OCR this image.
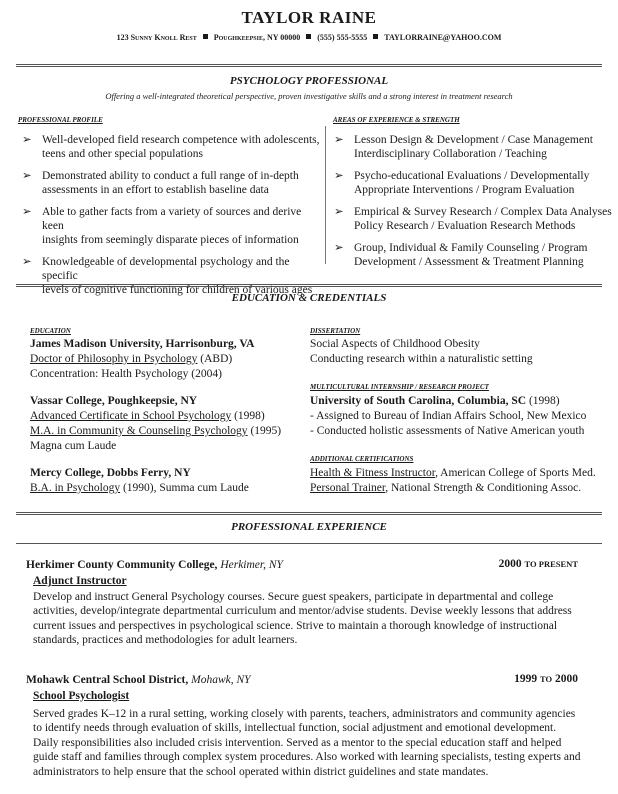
TAYLOR RAINE
123 Sunny Knoll Rest Poughkeepsie, NY 00000 (555) 555-5555 TAYLORRAINE@YAHOO.COM
PSYCHOLOGY PROFESSIONAL
Offering a well-integrated theoretical perspective, proven investigative skills and a strong interest in treatment research
PROFESSIONAL PROFILE	AREAS OF EXPERIENCE & STRENGTH
➢ Well-developed field research competence with adolescents,
teens and other special populations
➢ Demonstrated ability to conduct a full range of in-depth
assessments in an effort to establish baseline data
➢ Able to gather facts from a variety of sources and derive keen
insights from seemingly disparate pieces of information
➢ Knowledgeable of developmental psychology and the specific
levels of cognitive functioning for children of various ages
➢ Lesson Design & Development / Case Management
Interdisciplinary Collaboration / Teaching
➢ Psycho-educational Evaluations / Developmentally
Appropriate Interventions / Program Evaluation
➢ Empirical & Survey Research / Complex Data Analyses
Policy Research / Evaluation Research Methods
➢ Group, Individual & Family Counseling / Program
Development / Assessment & Treatment Planning
EDUCATION & CREDENTIALS
EDUCATION
James Madison University, Harrisonburg, VA
Doctor of Philosophy in Psychology (ABD)
Concentration: Health Psychology (2004)
Vassar College, Poughkeepsie, NY
Advanced Certificate in School Psychology (1998)
M.A. in Community & Counseling Psychology (1995)
Magna cum Laude
Mercy College, Dobbs Ferry, NY
B.A. in Psychology (1990), Summa cum Laude
DISSERTATION
Social Aspects of Childhood Obesity
Conducting research within a naturalistic setting
MULTICULTURAL INTERNSHIP / RESEARCH PROJECT
University of South Carolina, Columbia, SC (1998)
- Assigned to Bureau of Indian Affairs School, New Mexico
- Conducted holistic assessments of Native American youth
ADDITIONAL CERTIFICATIONS
Health & Fitness Instructor, American College of Sports Med.
Personal Trainer, National Strength & Conditioning Assoc.
PROFESSIONAL EXPERIENCE
Herkimer County Community College, Herkimer, NY	2000 TO PRESENT
Adjunct Instructor
Develop and instruct General Psychology courses. Secure guest speakers, participate in departmental and college activities, develop/integrate departmental curriculum and mentor/advise students. Devise weekly lessons that address current issues and perspectives in psychological science. Strive to maintain a thorough knowledge of instructional standards, practices and methodologies for adult learners.
Mohawk Central School District, Mohawk, NY	1999 TO 2000
School Psychologist
Served grades K–12 in a rural setting, working closely with parents, teachers, administrators and community agencies to identify needs through evaluation of skills, intellectual function, social adjustment and emotional development. Daily responsibilities also included crisis intervention. Served as a mentor to the special education staff and helped guide staff and families through complex system procedures. Also worked with learning specialists, testing experts and administrators to help ensure that the school operated within district guidelines and state mandates.
